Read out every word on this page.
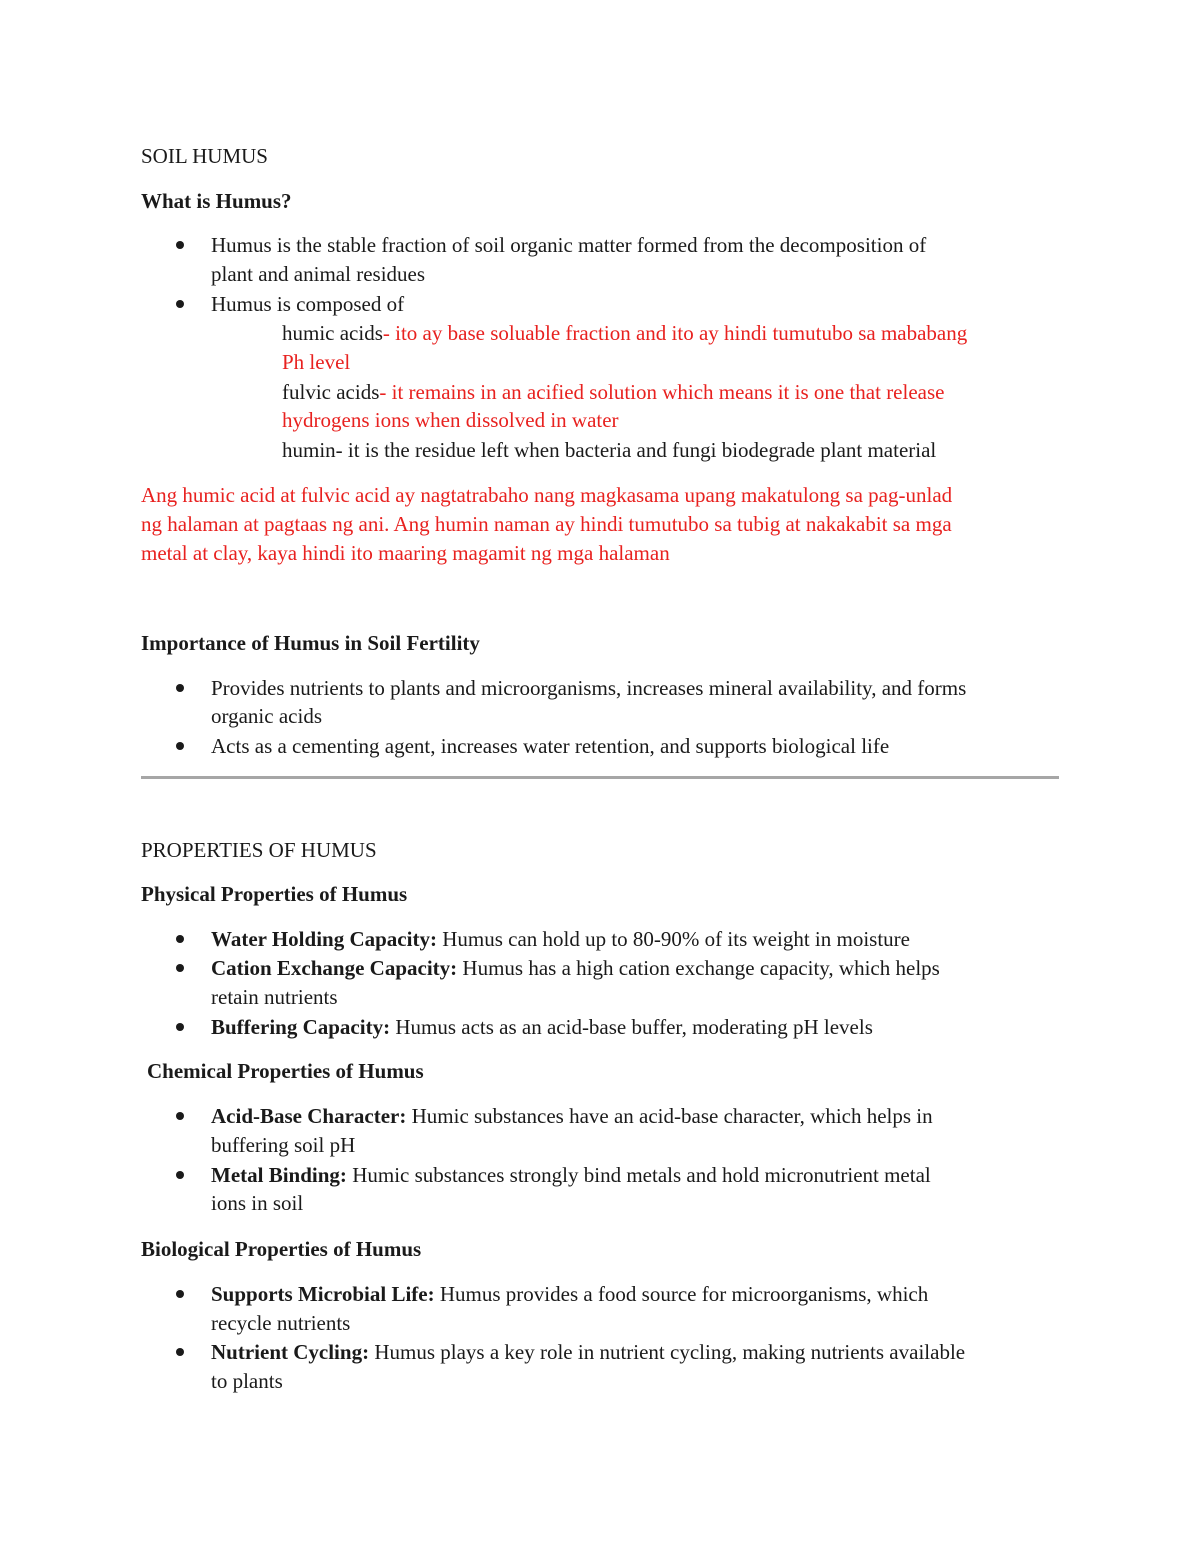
SOIL HUMUS
What is Humus?
Humus is the stable fraction of soil organic matter formed from the decomposition of
plant and animal residues
Humus is composed of
humic acids- ito ay base soluable fraction and ito ay hindi tumutubo sa mababang
Ph level
fulvic acids- it remains in an acified solution which means it is one that release
hydrogens ions when dissolved in water
humin- it is the residue left when bacteria and fungi biodegrade plant material
Ang humic acid at fulvic acid ay nagtatrabaho nang magkasama upang makatulong sa pag-unlad
ng halaman at pagtaas ng ani. Ang humin naman ay hindi tumutubo sa tubig at nakakabit sa mga
metal at clay, kaya hindi ito maaring magamit ng mga halaman
Importance of Humus in Soil Fertility
Provides nutrients to plants and microorganisms, increases mineral availability, and forms
organic acids
Acts as a cementing agent, increases water retention, and supports biological life
PROPERTIES OF HUMUS
Physical Properties of Humus
Water Holding Capacity: Humus can hold up to 80-90% of its weight in moisture
Cation Exchange Capacity: Humus has a high cation exchange capacity, which helps
retain nutrients
Buffering Capacity: Humus acts as an acid-base buffer, moderating pH levels
Chemical Properties of Humus
Acid-Base Character: Humic substances have an acid-base character, which helps in
buffering soil pH
Metal Binding: Humic substances strongly bind metals and hold micronutrient metal
ions in soil
Biological Properties of Humus
Supports Microbial Life: Humus provides a food source for microorganisms, which
recycle nutrients
Nutrient Cycling: Humus plays a key role in nutrient cycling, making nutrients available
to plants
